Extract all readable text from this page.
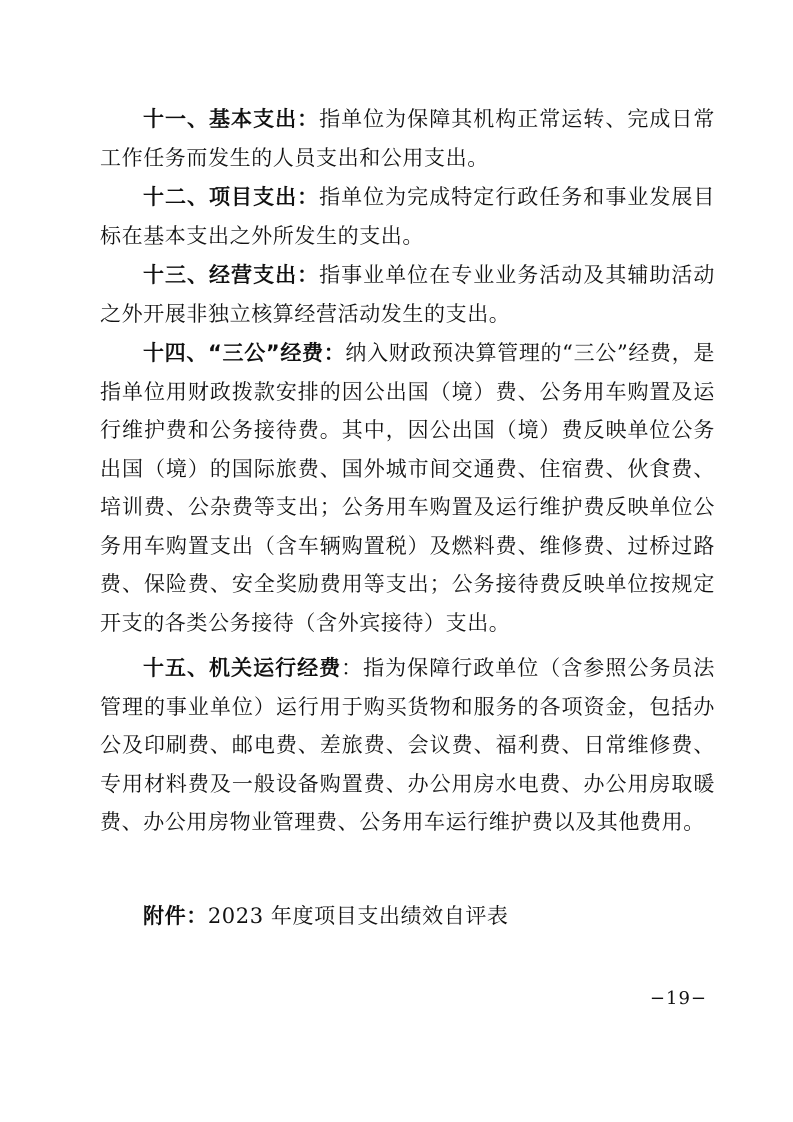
十一、基本支出：指单位为保障其机构正常运转、完成日常工作任务而发生的人员支出和公用支出。

十二、项目支出：指单位为完成特定行政任务和事业发展目标在基本支出之外所发生的支出。

十三、经营支出：指事业单位在专业业务活动及其辅助活动之外开展非独立核算经营活动发生的支出。

十四、“三公”经费：纳入财政预决算管理的“三公”经费，是指单位用财政拨款安排的因公出国（境）费、公务用车购置及运行维护费和公务接待费。其中，因公出国（境）费反映单位公务出国（境）的国际旅费、国外城市间交通费、住宿费、伙食费、培训费、公杂费等支出；公务用车购置及运行维护费反映单位公务用车购置支出（含车辆购置税）及燃料费、维修费、过桥过路费、保险费、安全奖励费用等支出；公务接待费反映单位按规定开支的各类公务接待（含外宾接待）支出。

十五、机关运行经费：指为保障行政单位（含参照公务员法管理的事业单位）运行用于购买货物和服务的各项资金，包括办公及印刷费、邮电费、差旅费、会议费、福利费、日常维修费、专用材料费及一般设备购置费、办公用房水电费、办公用房取暖费、办公用房物业管理费、公务用车运行维护费以及其他费用。

附件：2023 年度项目支出绩效自评表

−19−
